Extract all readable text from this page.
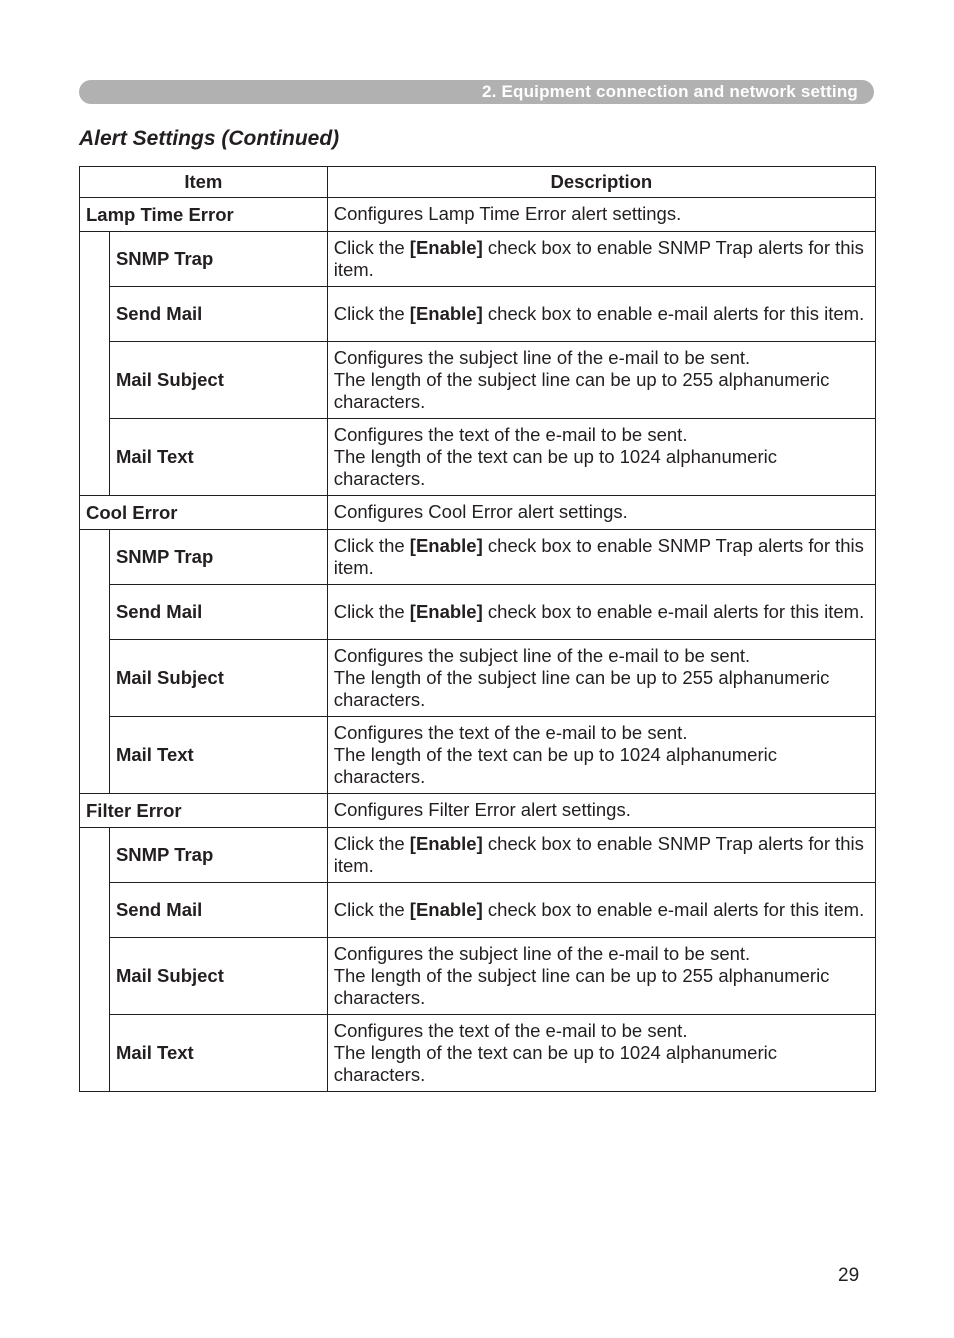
2. Equipment connection and network setting
Alert Settings (Continued)
Item		Description
Lamp Time Error		Configures Lamp Time Error alert settings.
	SNMP Trap	Click the [Enable] check box to enable SNMP Trap alerts for this item.
	Send Mail	Click the [Enable] check box to enable e-mail alerts for this item.
	Mail Subject	Configures the subject line of the e-mail to be sent.
The length of the subject line can be up to 255 alphanumeric characters.
	Mail Text	Configures the text of the e-mail to be sent.
The length of the text can be up to 1024 alphanumeric characters.
Cool Error		Configures Cool Error alert settings.
	SNMP Trap	Click the [Enable] check box to enable SNMP Trap alerts for this item.
	Send Mail	Click the [Enable] check box to enable e-mail alerts for this item.
	Mail Subject	Configures the subject line of the e-mail to be sent.
The length of the subject line can be up to 255 alphanumeric characters.
	Mail Text	Configures the text of the e-mail to be sent.
The length of the text can be up to 1024 alphanumeric characters.
Filter Error		Configures Filter Error alert settings.
	SNMP Trap	Click the [Enable] check box to enable SNMP Trap alerts for this item.
	Send Mail	Click the [Enable] check box to enable e-mail alerts for this item.
	Mail Subject	Configures the subject line of the e-mail to be sent.
The length of the subject line can be up to 255 alphanumeric characters.
	Mail Text	Configures the text of the e-mail to be sent.
The length of the text can be up to 1024 alphanumeric characters.
29
